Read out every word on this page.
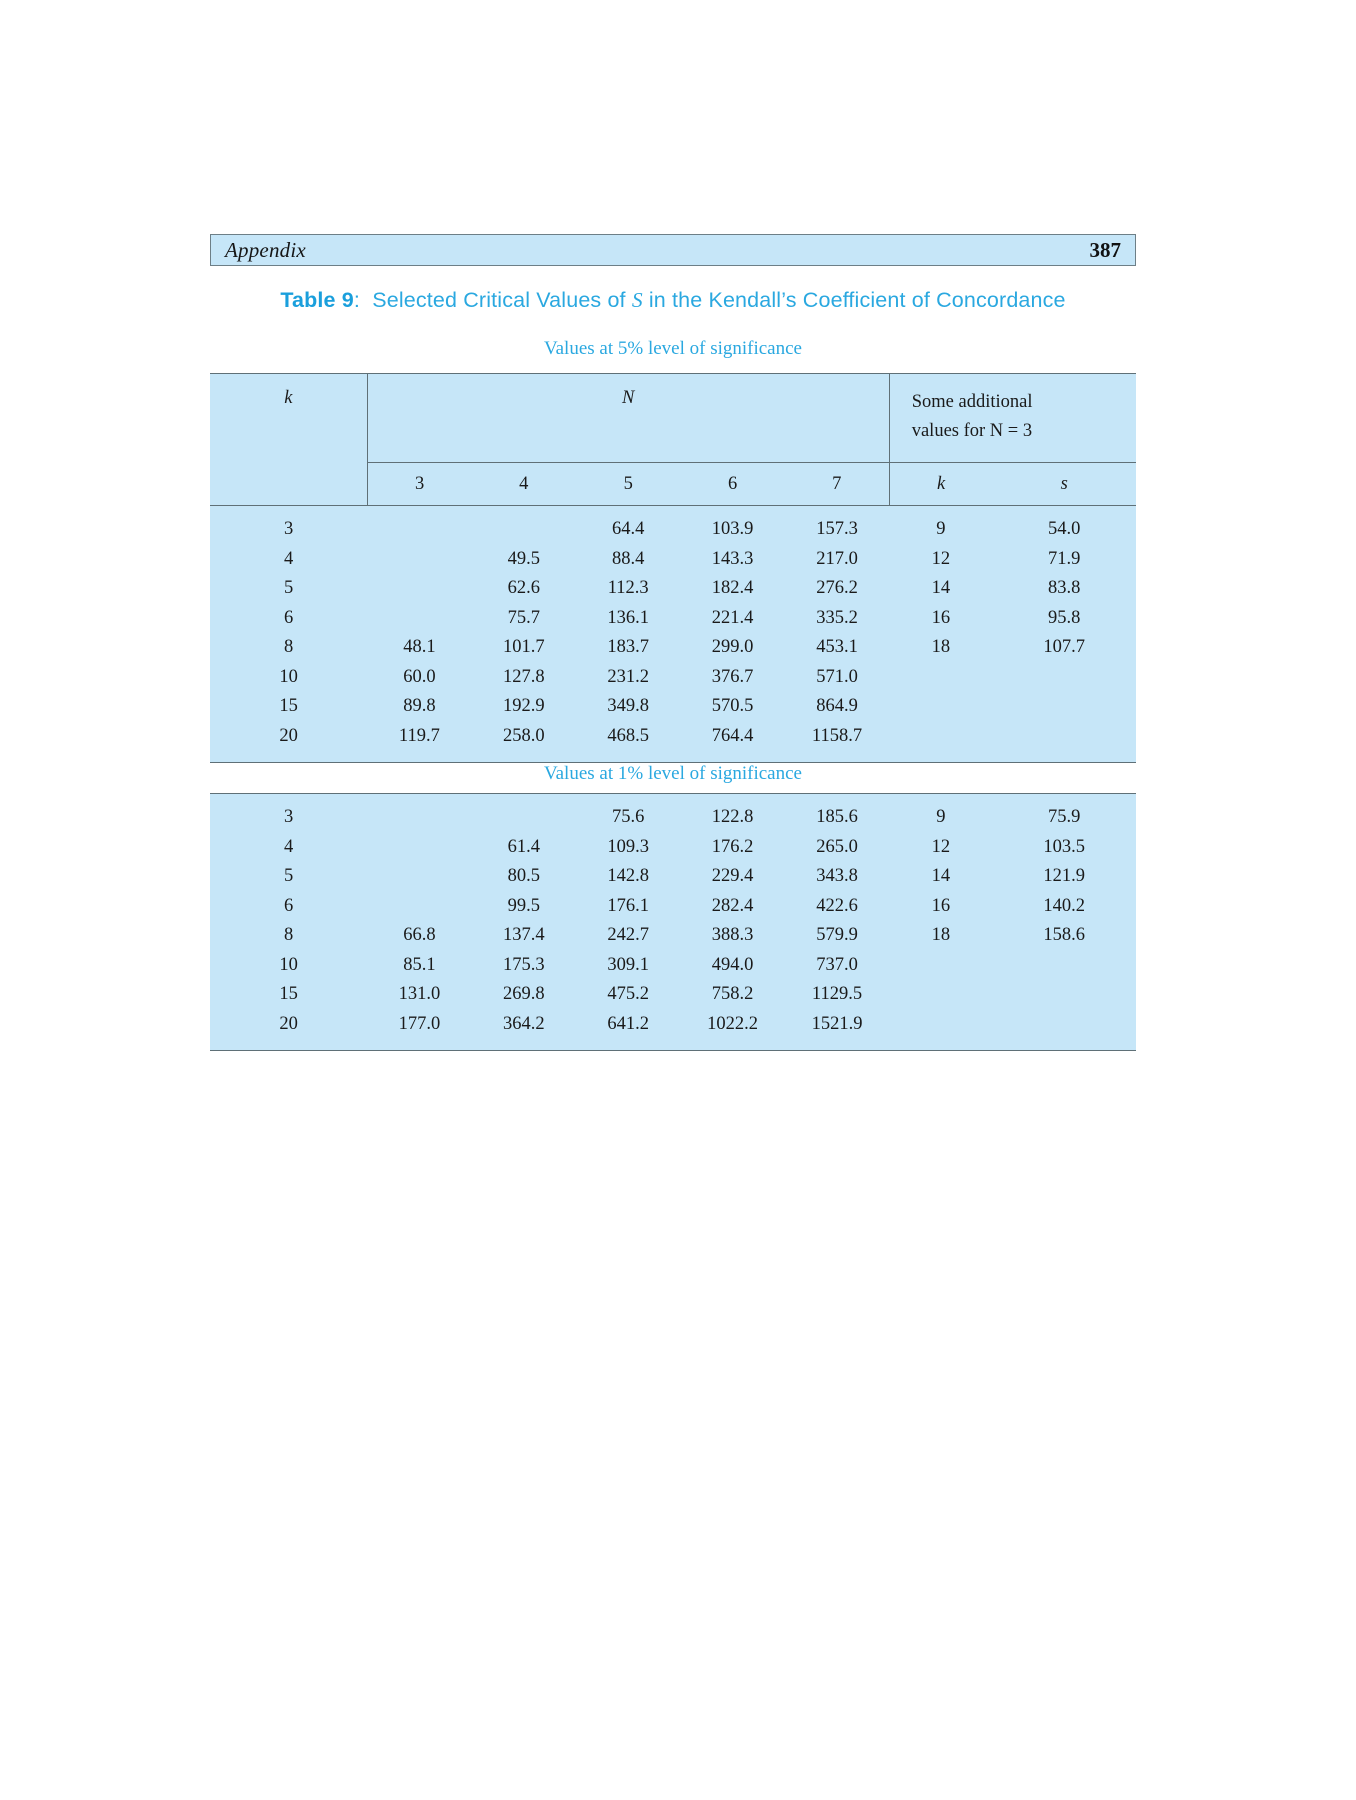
Appendix	387
Table 9: Selected Critical Values of S in the Kendall’s Coefficient of Concordance
Values at 5% level of significance
k	N					Some additional
values for N = 3	

	3	4	5	6	7	k	s
3			64.4	103.9	157.3	9	54.0
4		49.5	88.4	143.3	217.0	12	71.9
5		62.6	112.3	182.4	276.2	14	83.8
6		75.7	136.1	221.4	335.2	16	95.8
8	48.1	101.7	183.7	299.0	453.1	18	107.7
10	60.0	127.8	231.2	376.7	571.0		
15	89.8	192.9	349.8	570.5	864.9		
20	119.7	258.0	468.5	764.4	1158.7		
Values at 1% level of significance
3			75.6	122.8	185.6	9	75.9
4		61.4	109.3	176.2	265.0	12	103.5
5		80.5	142.8	229.4	343.8	14	121.9
6		99.5	176.1	282.4	422.6	16	140.2
8	66.8	137.4	242.7	388.3	579.9	18	158.6
10	85.1	175.3	309.1	494.0	737.0		
15	131.0	269.8	475.2	758.2	1129.5		
20	177.0	364.2	641.2	1022.2	1521.9		
